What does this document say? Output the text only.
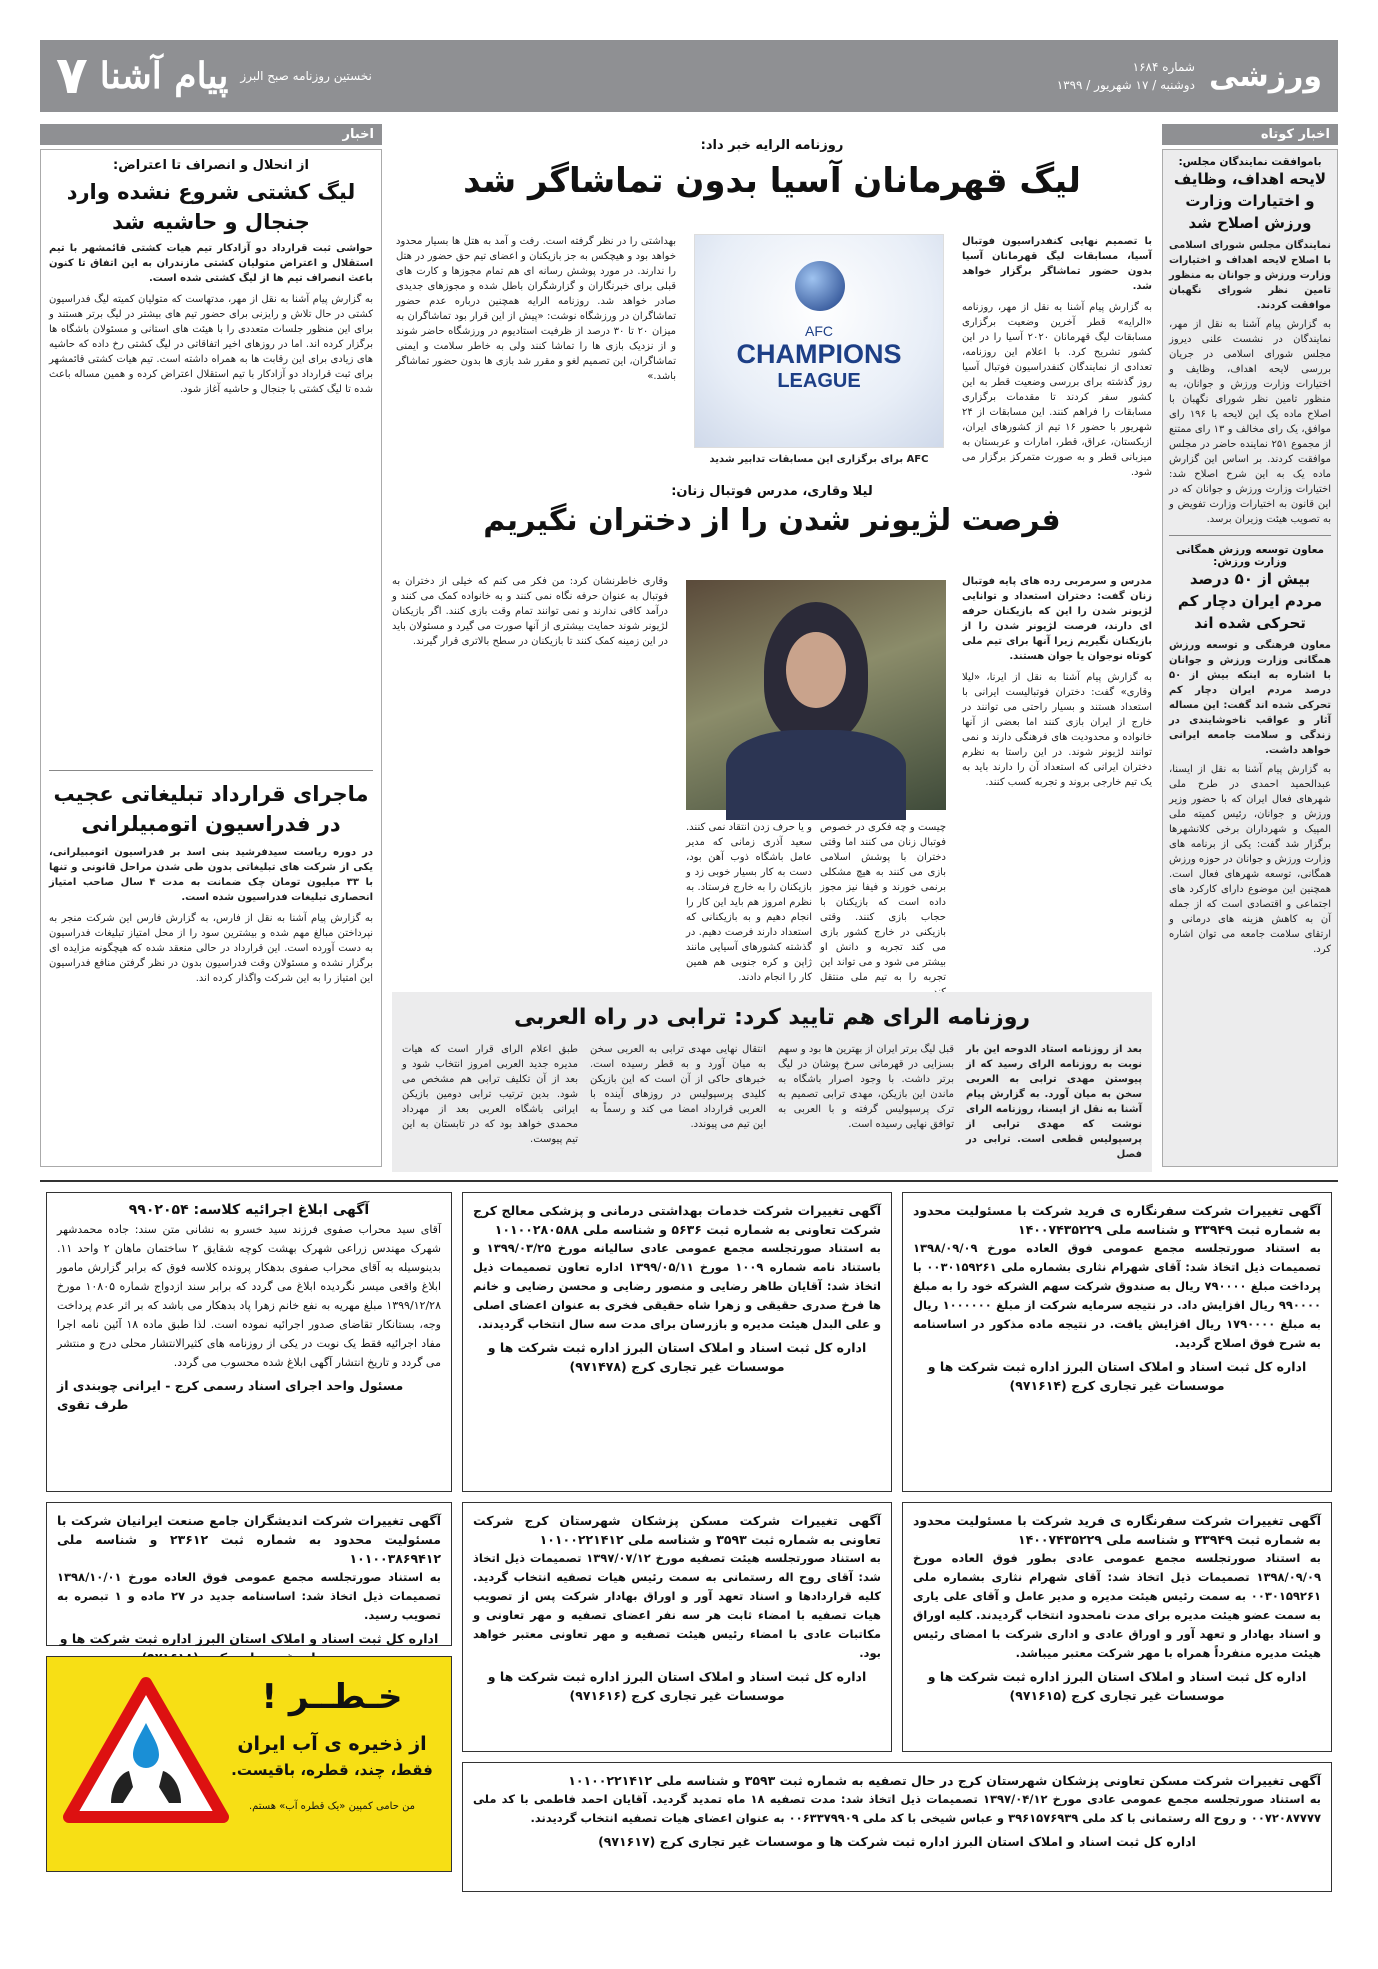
ورزشی
شماره ۱۶۸۴
دوشنبه / ۱۷ شهریور / ۱۳۹۹
۷ پیام آشنا نخستین روزنامه صبح البرز
اخبار کوتاه
باموافقت نمایندگان مجلس:
لایحه اهداف، وظایف و اختیارات وزارت ورزش اصلاح شد
نمایندگان مجلس شورای اسلامی با اصلاح لایحه اهداف و اختیارات وزارت ورزش و جوانان به منظور تامین نظر شورای نگهبان موافقت کردند.
به گزارش پیام آشنا به نقل از مهر، نمایندگان در نشست علنی دیروز مجلس شورای اسلامی در جریان بررسی لایحه اهداف، وظایف و اختیارات وزارت ورزش و جوانان، به منظور تامین نظر شورای نگهبان با اصلاح ماده یک این لایحه با ۱۹۶ رای موافق، یک رای مخالف و ۱۳ رای ممتنع از مجموع ۲۵۱ نماینده حاضر در مجلس موافقت کردند. بر اساس این گزارش ماده یک به این شرح اصلاح شد: اختیارات وزارت ورزش و جوانان که در این قانون به اختیارات وزارت تفویض و به تصویب هیئت وزیران برسد.
معاون توسعه ورزش همگانی وزارت ورزش:
بیش از ۵۰ درصد مردم ایران دچار کم تحرکی شده اند
معاون فرهنگی و توسعه ورزش همگانی وزارت ورزش و جوانان با اشاره به اینکه بیش از ۵۰ درصد مردم ایران دچار کم تحرکی شده اند گفت: این مساله آثار و عواقب ناخوشایندی در زندگی و سلامت جامعه ایرانی خواهد داشت.
به گزارش پیام آشنا به نقل از ایسنا، عبدالحمید احمدی در طرح ملی شهرهای فعال ایران که با حضور وزیر ورزش و جوانان، رئیس کمیته ملی المپیک و شهرداران برخی کلانشهرها برگزار شد گفت: یکی از برنامه های وزارت ورزش و جوانان در حوزه ورزش همگانی، توسعه شهرهای فعال است. همچنین این موضوع دارای کارکرد های اجتماعی و اقتصادی است که از جمله آن به کاهش هزینه های درمانی و ارتقای سلامت جامعه می توان اشاره کرد.
روزنامه الرایه خبر داد:
لیگ قهرمانان آسیا بدون تماشاگر شد
با تصمیم نهایی کنفدراسیون فوتبال آسیا، مسابقات لیگ قهرمانان آسیا بدون حضور تماشاگر برگزار خواهد شد.
به گزارش پیام آشنا به نقل از مهر، روزنامه «الرایه» قطر آخرین وضعیت برگزاری مسابقات لیگ قهرمانان ۲۰۲۰ آسیا را در این کشور تشریح کرد. با اعلام این روزنامه، تعدادی از نمایندگان کنفدراسیون فوتبال آسیا روز گذشته برای بررسی وضعیت قطر به این کشور سفر کردند تا مقدمات برگزاری مسابقات را فراهم کنند. این مسابقات از ۲۴ شهریور با حضور ۱۶ تیم از کشورهای ایران، ازبکستان، عراق، قطر، امارات و عربستان به میزبانی قطر و به صورت متمرکز برگزار می شود.
AFC
CHAMPIONS
LEAGUE
AFC برای برگزاری این مسابقات تدابیر شدید
بهداشتی را در نظر گرفته است. رفت و آمد به هتل ها بسیار محدود خواهد بود و هیچکس به جز بازیکنان و اعضای تیم حق حضور در هتل را ندارند. در مورد پوشش رسانه ای هم تمام مجوزها و کارت های قبلی برای خبرنگاران و گزارشگران باطل شده و مجوزهای جدیدی صادر خواهد شد. روزنامه الرایه همچنین درباره عدم حضور تماشاگران در ورزشگاه نوشت: «پیش از این قرار بود تماشاگران به میزان ۲۰ تا ۳۰ درصد از ظرفیت استادیوم در ورزشگاه حاضر شوند و از نزدیک بازی ها را تماشا کنند ولی به خاطر سلامت و ایمنی تماشاگران، این تصمیم لغو و مقرر شد بازی ها بدون حضور تماشاگر باشد.»
لیلا وقاری، مدرس فوتبال زنان:
فرصت لژیونر شدن را از دختران نگیریم
مدرس و سرمربی رده های پایه فوتبال زنان گفت: دختران استعداد و توانایی لژیونر شدن را این که بازیکنان حرفه ای دارند، فرصت لژیونر شدن را از بازیکنان نگیریم زیرا آنها برای تیم ملی کوتاه نوجوان یا جوان هستند.
به گزارش پیام آشنا به نقل از ایرنا، «لیلا وقاری» گفت: دختران فوتبالیست ایرانی با استعداد هستند و بسیار راحتی می توانند در خارج از ایران بازی کنند اما بعضی از آنها خانواده و محدودیت های فرهنگی دارند و نمی توانند لژیونر شوند. در این راستا به نظرم دختران ایرانی که استعداد آن را دارند باید به یک تیم خارجی بروند و تجربه کسب کنند.
وقاری خاطرنشان کرد: من فکر می کنم که خیلی از دختران به فوتبال به عنوان حرفه نگاه نمی کنند و به خانواده کمک می کنند و درآمد کافی ندارند و نمی توانند تمام وقت بازی کنند. اگر بازیکنان لژیونر شوند حمایت بیشتری از آنها صورت می گیرد و مسئولان باید در این زمینه کمک کنند تا بازیکنان در سطح بالاتری قرار گیرند.
چیست و چه فکری در خصوص فوتبال زنان می کنند اما وقتی دختران با پوشش اسلامی بازی می کنند به هیچ مشکلی برنمی خورند و فیفا نیز مجوز داده است که بازیکنان با حجاب بازی کنند. وقتی بازیکنی در خارج کشور بازی می کند تجربه و دانش او بیشتر می شود و می تواند این تجربه را به تیم ملی منتقل
و یا حرف زدن انتقاد نمی کنند. سعید آذری زمانی که مدیر عامل باشگاه ذوب آهن بود، دست به کار بسیار خوبی زد و بازیکنان را به خارج فرستاد. به نظرم امروز هم باید این کار را انجام دهیم و به بازیکنانی که استعداد دارند فرصت دهیم. در گذشته کشورهای آسیایی مانند ژاپن و کره جنوبی هم همین کار را انجام دادند.
روزنامه الرای هم تایید کرد: ترابی در راه العربی
بعد از روزنامه استاد الدوحه این بار نوبت به روزنامه الرای رسید که از پیوستن مهدی ترابی به العربی سخن به میان آورد. به گزارش پیام آشنا به نقل از ایسنا، روزنامه الرای نوشت که مهدی ترابی از پرسپولیس قطعی است. ترابی در فصل
قبل لیگ برتر ایران از بهترین ها بود و سهم بسزایی در قهرمانی سرخ پوشان در لیگ برتر داشت. با وجود اصرار باشگاه به ماندن این بازیکن، مهدی ترابی تصمیم به ترک پرسپولیس گرفته و با العربی به توافق نهایی رسیده است.
انتقال نهایی مهدی ترابی به العربی سخن به میان آورد و به قطر رسیده است. خبرهای حاکی از آن است که این بازیکن کلیدی پرسپولیس در روزهای آینده با العربی قرارداد امضا می کند و رسماً به این تیم می پیوندد.
طبق اعلام الرای قرار است که هیات مدیره جدید العربی امروز انتخاب شود و بعد از آن تکلیف ترابی هم مشخص می شود. بدین ترتیب ترابی دومین بازیکن ایرانی باشگاه العربی بعد از مهرداد محمدی خواهد بود که در تابستان به این تیم پیوست.
اخبار
از انحلال و انصراف تا اعتراض:
لیگ کشتی شروع نشده وارد جنجال و حاشیه شد
حواشی ثبت قرارداد دو آزادکار تیم هیات کشتی قائمشهر با تیم استقلال و اعتراض متولیان کشتی مازندران به این اتفاق تا کنون باعث انصراف تیم ها از لیگ کشتی شده است.
به گزارش پیام آشنا به نقل از مهر، مدتهاست که متولیان کمیته لیگ فدراسیون کشتی در حال تلاش و رایزنی برای حضور تیم های بیشتر در لیگ برتر هستند و برای این منظور جلسات متعددی را با هیئت های استانی و مسئولان باشگاه ها برگزار کرده اند. اما در روزهای اخیر اتفاقاتی در لیگ کشتی رخ داده که حاشیه های زیادی برای این رقابت ها به همراه داشته است. تیم هیات کشتی قائمشهر برای ثبت قرارداد دو آزادکار با تیم استقلال اعتراض کرده و همین مساله باعث شده تا لیگ کشتی با جنجال و حاشیه آغاز شود.
ماجرای قرارداد تبلیغاتی عجیب در فدراسیون اتومبیلرانی
در دوره ریاست سیدفرشید بنی اسد بر فدراسیون اتومبیلرانی، یکی از شرکت های تبلیغاتی بدون طی شدن مراحل قانونی و تنها با ۳۳ میلیون تومان چک ضمانت به مدت ۴ سال صاحب امتیاز انحصاری تبلیغات فدراسیون شده است.
به گزارش پیام آشنا به نقل از فارس، به گزارش فارس این شرکت منجر به نپرداختن مبالغ مهم شده و بیشترین سود را از محل امتیاز تبلیغات فدراسیون به دست آورده است. این قرارداد در حالی منعقد شده که هیچگونه مزایده ای برگزار نشده و مسئولان وقت فدراسیون بدون در نظر گرفتن منافع فدراسیون این امتیاز را به این شرکت واگذار کرده اند.
آگهی تغییرات شرکت سفرنگاره ی فرید شرکت با مسئولیت محدود به شماره ثبت ۳۳۹۴۹ و شناسه ملی ۱۴۰۰۷۴۳۵۲۲۹
به استناد صورتجلسه مجمع عمومی فوق العاده مورخ ۱۳۹۸/۰۹/۰۹ تصمیمات ذیل اتخاذ شد: آقای شهرام نثاری بشماره ملی ۰۰۳۰۱۵۹۲۶۱ با پرداخت مبلغ ۷۹۰۰۰۰ ریال به صندوق شرکت سهم الشرکه خود را به مبلغ ۹۹۰۰۰۰ ریال افزایش داد. در نتیجه سرمایه شرکت از مبلغ ۱۰۰۰۰۰۰ ریال به مبلغ ۱۷۹۰۰۰۰ ریال افزایش یافت. در نتیجه ماده مذکور در اساسنامه به شرح فوق اصلاح گردید.
اداره کل ثبت اسناد و املاک استان البرز اداره ثبت شرکت ها و موسسات غیر تجاری کرج (۹۷۱۶۱۴)
آگهی تغییرات شرکت خدمات بهداشتی درمانی و پزشکی معالج کرج شرکت تعاونی به شماره ثبت ۵۶۳۶ و شناسه ملی ۱۰۱۰۰۲۸۰۵۸۸
به استناد صورتجلسه مجمع عمومی عادی سالیانه مورخ ۱۳۹۹/۰۳/۲۵ و باستناد نامه شماره ۱۰۰۹ مورخ ۱۳۹۹/۰۵/۱۱ اداره تعاون تصمیمات ذیل اتخاذ شد: آقایان طاهر رضایی و منصور رضایی و محسن رضایی و خانم ها فرخ صدری حقیقی و زهرا شاه حقیقی فخری به عنوان اعضای اصلی و علی البدل هیئت مدیره و بازرسان برای مدت سه سال انتخاب گردیدند.
اداره کل ثبت اسناد و املاک استان البرز اداره ثبت شرکت ها و موسسات غیر تجاری کرج (۹۷۱۴۷۸)
آگهی ابلاغ اجرائیه کلاسه: ۹۹۰۲۰۵۴
آقای سید محراب صفوی فرزند سید خسرو به نشانی متن سند: جاده محمدشهر شهرک مهندس زراعی شهرک بهشت کوچه شقایق ۲ ساختمان ماهان ۲ واحد ۱۱. بدینوسیله به آقای محراب صفوی بدهکار پرونده کلاسه فوق که برابر گزارش مامور ابلاغ واقعی میسر نگردیده ابلاغ می گردد که برابر سند ازدواج شماره ۱۰۸۰۵ مورخ ۱۳۹۹/۱۲/۲۸ مبلغ مهریه به نفع خانم زهرا پاد بدهکار می باشد که بر اثر عدم پرداخت وجه، بستانکار تقاضای صدور اجرائیه نموده است. لذا طبق ماده ۱۸ آئین نامه اجرا مفاد اجرائیه فقط یک نوبت در یکی از روزنامه های کثیرالانتشار محلی درج و منتشر می گردد و تاریخ انتشار آگهی ابلاغ شده محسوب می گردد.
مسئول واحد اجرای اسناد رسمی کرج - ایرانی چوبندی از طرف تقوی
آگهی تغییرات شرکت سفرنگاره ی فرید شرکت با مسئولیت محدود به شماره ثبت ۳۳۹۴۹ و شناسه ملی ۱۴۰۰۷۴۳۵۲۲۹
به استناد صورتجلسه مجمع عمومی عادی بطور فوق العاده مورخ ۱۳۹۸/۰۹/۰۹ تصمیمات ذیل اتخاذ شد: آقای شهرام نثاری بشماره ملی ۰۰۳۰۱۵۹۲۶۱ به سمت رئیس هیئت مدیره و مدیر عامل و آقای علی یاری به سمت عضو هیئت مدیره برای مدت نامحدود انتخاب گردیدند. کلیه اوراق و اسناد بهادار و تعهد آور و اوراق عادی و اداری شرکت با امضای رئیس هیئت مدیره منفرداً همراه با مهر شرکت معتبر میباشد.
اداره کل ثبت اسناد و املاک استان البرز اداره ثبت شرکت ها و موسسات غیر تجاری کرج (۹۷۱۶۱۵)
آگهی تغییرات شرکت مسکن پزشکان شهرستان کرج شرکت تعاونی به شماره ثبت ۳۵۹۳ و شناسه ملی ۱۰۱۰۰۲۲۱۴۱۲
به استناد صورتجلسه هیئت تصفیه مورخ ۱۳۹۷/۰۷/۱۲ تصمیمات ذیل اتخاذ شد: آقای روح اله رستمانی به سمت رئیس هیات تصفیه انتخاب گردید. کلیه قراردادها و اسناد تعهد آور و اوراق بهادار شرکت پس از تصویب هیات تصفیه با امضاء ثابت هر سه نفر اعضای تصفیه و مهر تعاونی و مکاتبات عادی با امضاء رئیس هیئت تصفیه و مهر تعاونی معتبر خواهد بود.
اداره کل ثبت اسناد و املاک استان البرز اداره ثبت شرکت ها و موسسات غیر تجاری کرج (۹۷۱۶۱۶)
آگهی تغییرات شرکت اندیشگران جامع صنعت ایرانیان شرکت با مسئولیت محدود به شماره ثبت ۲۳۶۱۲ و شناسه ملی ۱۰۱۰۰۳۸۶۹۴۱۲
به استناد صورتجلسه مجمع عمومی فوق العاده مورخ ۱۳۹۸/۱۰/۰۱ تصمیمات ذیل اتخاذ شد: اساسنامه جدید در ۲۷ ماده و ۱ تبصره به تصویب رسید.
اداره کل ثبت اسناد و املاک استان البرز اداره ثبت شرکت ها و
خـطــر !
از ذخیره ی آب ایران
فقط، چند، قطره، باقیست.
من حامی کمپین «یک قطره آب» هستم.
آگهی تغییرات شرکت مسکن تعاونی پزشکان شهرستان کرج در حال تصفیه به شماره ثبت ۳۵۹۳ و شناسه ملی ۱۰۱۰۰۲۲۱۴۱۲
به استناد صورتجلسه مجمع عمومی عادی مورخ ۱۳۹۷/۰۴/۱۲ تصمیمات ذیل اتخاذ شد: مدت تصفیه ۱۸ ماه تمدید گردید. آقایان احمد فاطمی با کد ملی ۰۰۷۲۰۸۷۷۷۷ و روح اله رستمانی با کد ملی ۳۹۶۱۵۷۶۹۳۹ و عباس شیخی با کد ملی ۰۰۶۳۳۷۹۹۰۹ به عنوان اعضای هیات تصفیه انتخاب گردیدند.
اداره کل ثبت اسناد و املاک استان البرز اداره ثبت شرکت ها و موسسات غیر تجاری کرج (۹۷۱۶۱۷)
